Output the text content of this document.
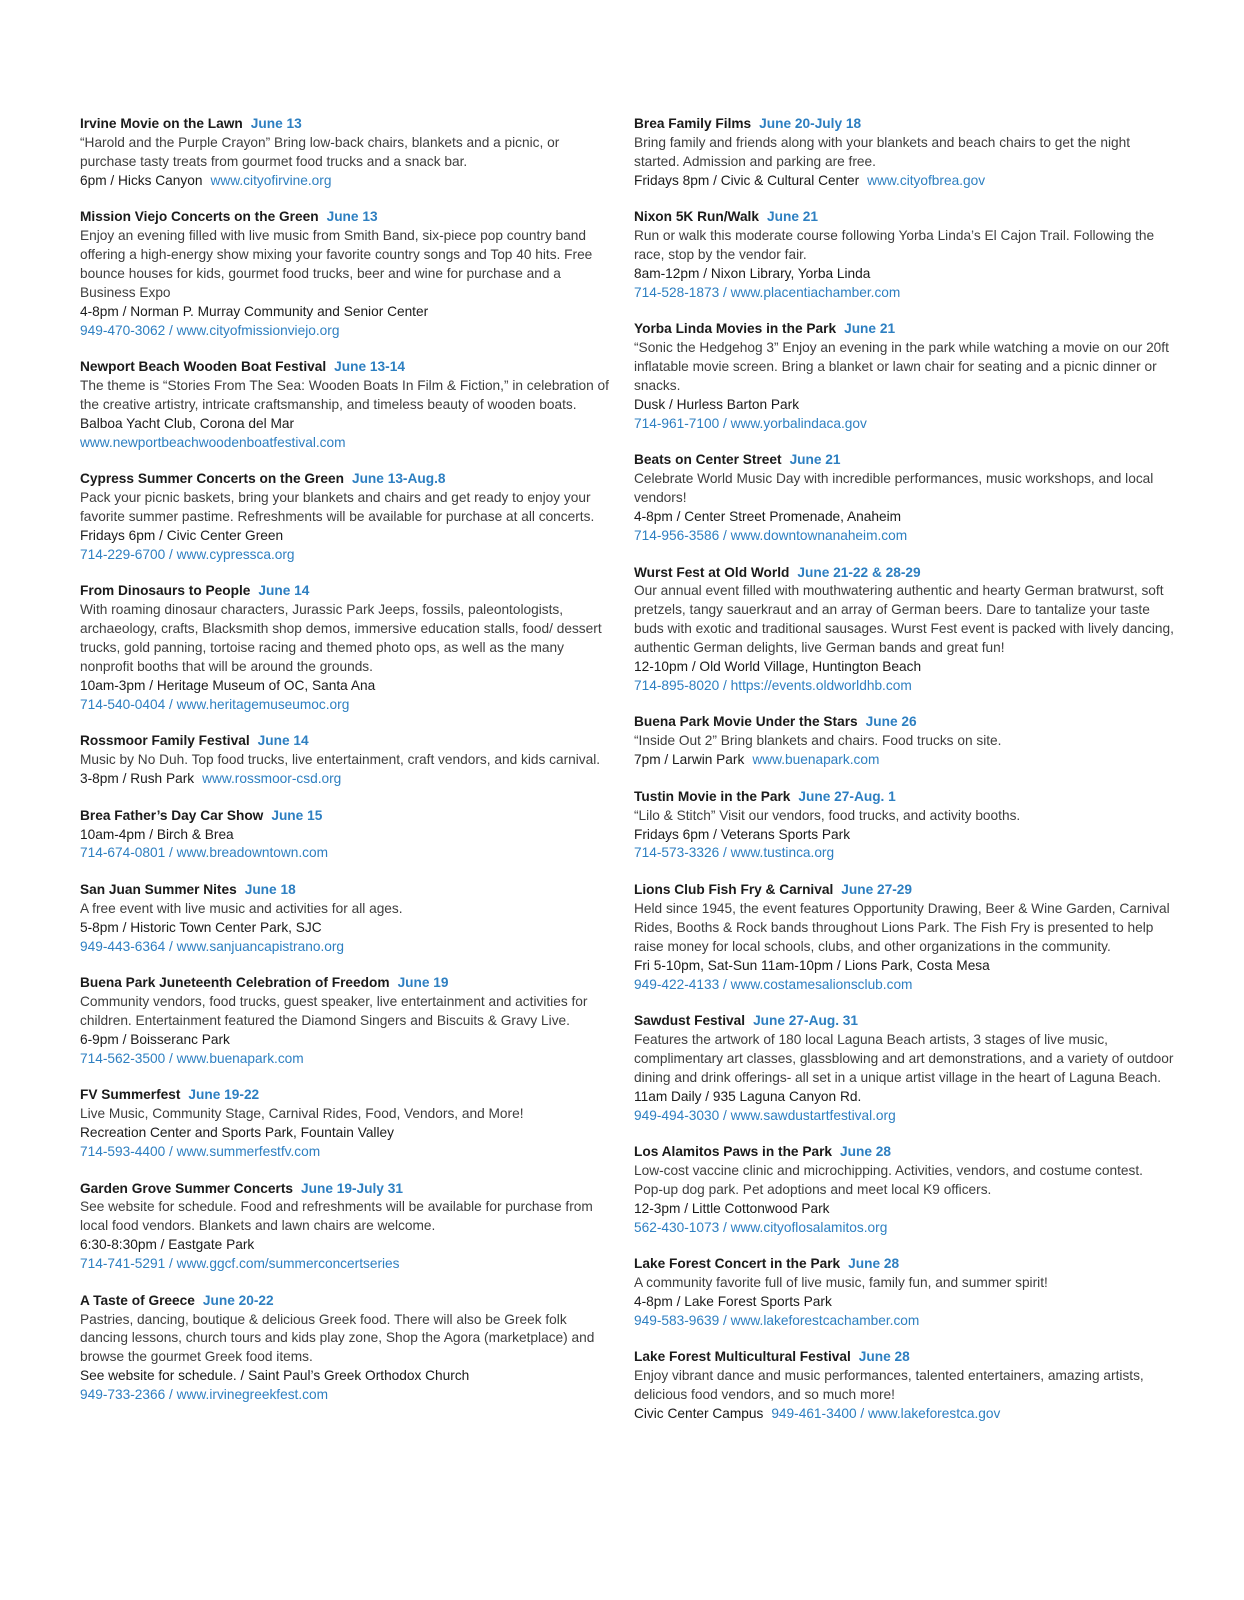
Irvine Movie on the Lawn June 13
“Harold and the Purple Crayon” Bring low-back chairs, blankets and a picnic, or purchase tasty treats from gourmet food trucks and a snack bar.
6pm / Hicks Canyon www.cityofirvine.org
Mission Viejo Concerts on the Green June 13
Enjoy an evening filled with live music from Smith Band, six-piece pop country band offering a high-energy show mixing your favorite country songs and Top 40 hits. Free bounce houses for kids, gourmet food trucks, beer and wine for purchase and a Business Expo
4-8pm / Norman P. Murray Community and Senior Center
949-470-3062 / www.cityofmissionviejo.org
Newport Beach Wooden Boat Festival June 13-14
The theme is “Stories From The Sea: Wooden Boats In Film & Fiction,” in celebration of the creative artistry, intricate craftsmanship, and timeless beauty of wooden boats.
Balboa Yacht Club, Corona del Mar
www.newportbeachwoodenboatfestival.com
Cypress Summer Concerts on the Green June 13-Aug.8
Pack your picnic baskets, bring your blankets and chairs and get ready to enjoy your favorite summer pastime. Refreshments will be available for purchase at all concerts.
Fridays 6pm / Civic Center Green
714-229-6700 / www.cypressca.org
From Dinosaurs to People June 14
With roaming dinosaur characters, Jurassic Park Jeeps, fossils, paleontologists, archaeology, crafts, Blacksmith shop demos, immersive education stalls, food/ dessert trucks, gold panning, tortoise racing and themed photo ops, as well as the many nonprofit booths that will be around the grounds.
10am-3pm / Heritage Museum of OC, Santa Ana
714-540-0404 / www.heritagemuseumoc.org
Rossmoor Family Festival June 14
Music by No Duh. Top food trucks, live entertainment, craft vendors, and kids carnival.
3-8pm / Rush Park www.rossmoor-csd.org
Brea Father’s Day Car Show June 15
10am-4pm / Birch & Brea
714-674-0801 / www.breadowntown.com
San Juan Summer Nites June 18
A free event with live music and activities for all ages.
5-8pm / Historic Town Center Park, SJC
949-443-6364 / www.sanjuancapistrano.org
Buena Park Juneteenth Celebration of Freedom June 19
Community vendors, food trucks, guest speaker, live entertainment and activities for children. Entertainment featured the Diamond Singers and Biscuits & Gravy Live.
6-9pm / Boisseranc Park
714-562-3500 / www.buenapark.com
FV Summerfest June 19-22
Live Music, Community Stage, Carnival Rides, Food, Vendors, and More!
Recreation Center and Sports Park, Fountain Valley
714-593-4400 / www.summerfestfv.com
Garden Grove Summer Concerts June 19-July 31
See website for schedule. Food and refreshments will be available for purchase from local food vendors. Blankets and lawn chairs are welcome.
6:30-8:30pm / Eastgate Park
714-741-5291 / www.ggcf.com/summerconcertseries
A Taste of Greece June 20-22
Pastries, dancing, boutique & delicious Greek food. There will also be Greek folk dancing lessons, church tours and kids play zone, Shop the Agora (marketplace) and browse the gourmet Greek food items.
See website for schedule. / Saint Paul’s Greek Orthodox Church
949-733-2366 / www.irvinegreekfest.com
Brea Family Films June 20-July 18
Bring family and friends along with your blankets and beach chairs to get the night started. Admission and parking are free.
Fridays 8pm / Civic & Cultural Center www.cityofbrea.gov
Nixon 5K Run/Walk June 21
Run or walk this moderate course following Yorba Linda’s El Cajon Trail. Following the race, stop by the vendor fair.
8am-12pm / Nixon Library, Yorba Linda
714-528-1873 / www.placentiachamber.com
Yorba Linda Movies in the Park June 21
“Sonic the Hedgehog 3” Enjoy an evening in the park while watching a movie on our 20ft inflatable movie screen. Bring a blanket or lawn chair for seating and a picnic dinner or snacks.
Dusk / Hurless Barton Park
714-961-7100 / www.yorbalindaca.gov
Beats on Center Street June 21
Celebrate World Music Day with incredible performances, music workshops, and local vendors!
4-8pm / Center Street Promenade, Anaheim
714-956-3586 / www.downtownanaheim.com
Wurst Fest at Old World June 21-22 & 28-29
Our annual event filled with mouthwatering authentic and hearty German bratwurst, soft pretzels, tangy sauerkraut and an array of German beers. Dare to tantalize your taste buds with exotic and traditional sausages. Wurst Fest event is packed with lively dancing, authentic German delights, live German bands and great fun!
12-10pm / Old World Village, Huntington Beach
714-895-8020 / https://events.oldworldhb.com
Buena Park Movie Under the Stars June 26
“Inside Out 2” Bring blankets and chairs. Food trucks on site.
7pm / Larwin Park www.buenapark.com
Tustin Movie in the Park June 27-Aug. 1
“Lilo & Stitch” Visit our vendors, food trucks, and activity booths.
Fridays 6pm / Veterans Sports Park
714-573-3326 / www.tustinca.org
Lions Club Fish Fry & Carnival June 27-29
Held since 1945, the event features Opportunity Drawing, Beer & Wine Garden, Carnival Rides, Booths & Rock bands throughout Lions Park. The Fish Fry is presented to help raise money for local schools, clubs, and other organizations in the community.
Fri 5-10pm, Sat-Sun 11am-10pm / Lions Park, Costa Mesa
949-422-4133 / www.costamesalionsclub.com
Sawdust Festival June 27-Aug. 31
Features the artwork of 180 local Laguna Beach artists, 3 stages of live music, complimentary art classes, glassblowing and art demonstrations, and a variety of outdoor dining and drink offerings- all set in a unique artist village in the heart of Laguna Beach.
11am Daily / 935 Laguna Canyon Rd.
949-494-3030 / www.sawdustartfestival.org
Los Alamitos Paws in the Park June 28
Low-cost vaccine clinic and microchipping. Activities, vendors, and costume contest. Pop-up dog park. Pet adoptions and meet local K9 officers.
12-3pm / Little Cottonwood Park
562-430-1073 / www.cityoflosalamitos.org
Lake Forest Concert in the Park June 28
A community favorite full of live music, family fun, and summer spirit!
4-8pm / Lake Forest Sports Park
949-583-9639 / www.lakeforestcachamber.com
Lake Forest Multicultural Festival June 28
Enjoy vibrant dance and music performances, talented entertainers, amazing artists, delicious food vendors, and so much more!
Civic Center Campus 949-461-3400 / www.lakeforestca.gov
